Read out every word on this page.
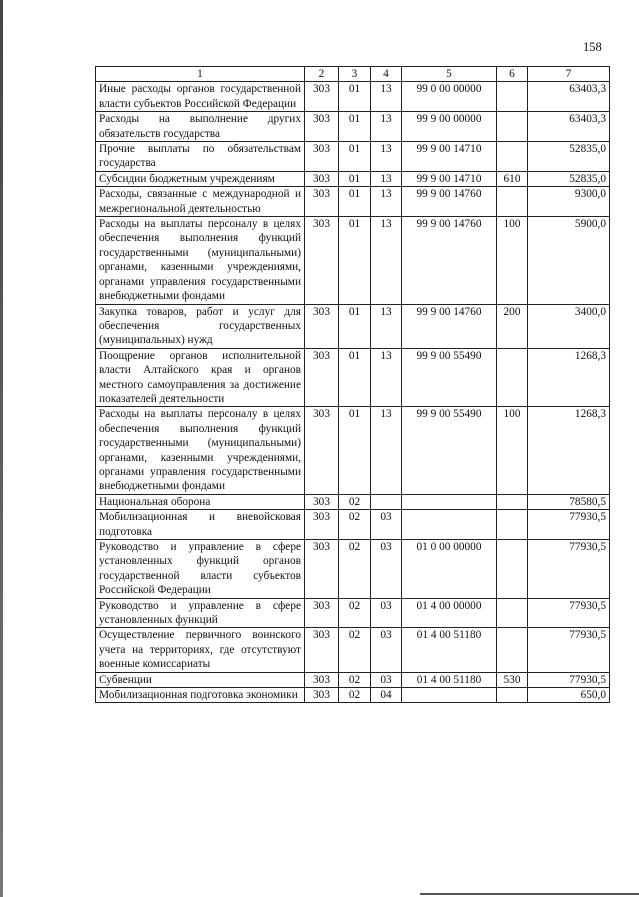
158
1	2	3	4	5	6	7
Иные расходы органов государственной власти субъектов Российской Федерации	303	01	13	99 0 00 00000		63403,3
Расходы на выполнение других обязательств государства	303	01	13	99 9 00 00000		63403,3
Прочие выплаты по обязательствам государства	303	01	13	99 9 00 14710		52835,0
Субсидии бюджетным учреждениям	303	01	13	99 9 00 14710	610	52835,0
Расходы, связанные с международной и межрегиональной деятельностью	303	01	13	99 9 00 14760		9300,0
Расходы на выплаты персоналу в целях обеспечения выполнения функций государственными (муниципальными) органами, казенными учреждениями, органами управления государственными внебюджетными фондами	303	01	13	99 9 00 14760	100	5900,0
Закупка товаров, работ и услуг для обеспечения государственных (муниципальных) нужд	303	01	13	99 9 00 14760	200	3400,0
Поощрение органов исполнительной власти Алтайского края и органов местного самоуправления за достижение показателей деятельности	303	01	13	99 9 00 55490		1268,3
Расходы на выплаты персоналу в целях обеспечения выполнения функций государственными (муниципальными) органами, казенными учреждениями, органами управления государственными внебюджетными фондами	303	01	13	99 9 00 55490	100	1268,3
Национальная оборона	303	02				78580,5
Мобилизационная и вневойсковая подготовка	303	02	03			77930,5
Руководство и управление в сфере установленных функций органов государственной власти субъектов Российской Федерации	303	02	03	01 0 00 00000		77930,5
Руководство и управление в сфере установленных функций	303	02	03	01 4 00 00000		77930,5
Осуществление первичного воинского учета на территориях, где отсутствуют военные комиссариаты	303	02	03	01 4 00 51180		77930,5
Субвенции	303	02	03	01 4 00 51180	530	77930,5
Мобилизационная подготовка экономики	303	02	04			650,0
